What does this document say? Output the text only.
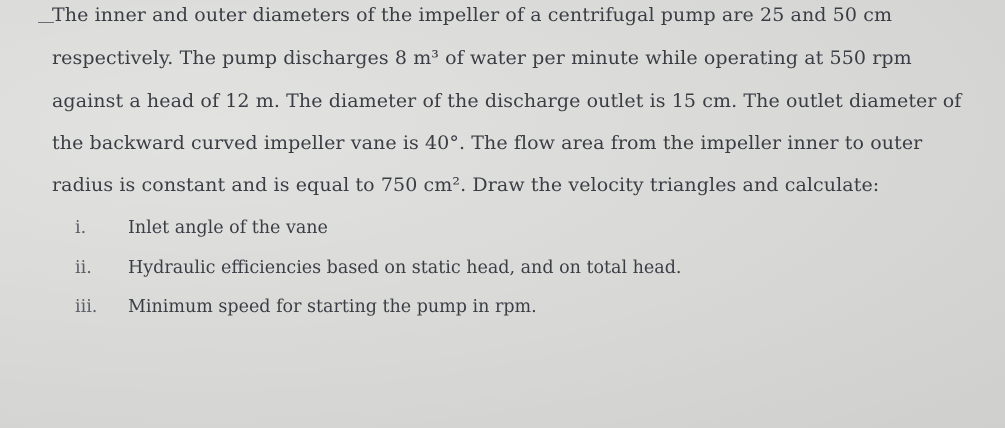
The inner and outer diameters of the impeller of a centrifugal pump are 25 and 50 cm
respectively. The pump discharges 8 m³ of water per minute while operating at 550 rpm
against a head of 12 m. The diameter of the discharge outlet is 15 cm. The outlet diameter of
the backward curved impeller vane is 40°. The flow area from the impeller inner to outer
radius is constant and is equal to 750 cm². Draw the velocity triangles and calculate:
i. Inlet angle of the vane
ii. Hydraulic efficiencies based on static head, and on total head.
iii. Minimum speed for starting the pump in rpm.
